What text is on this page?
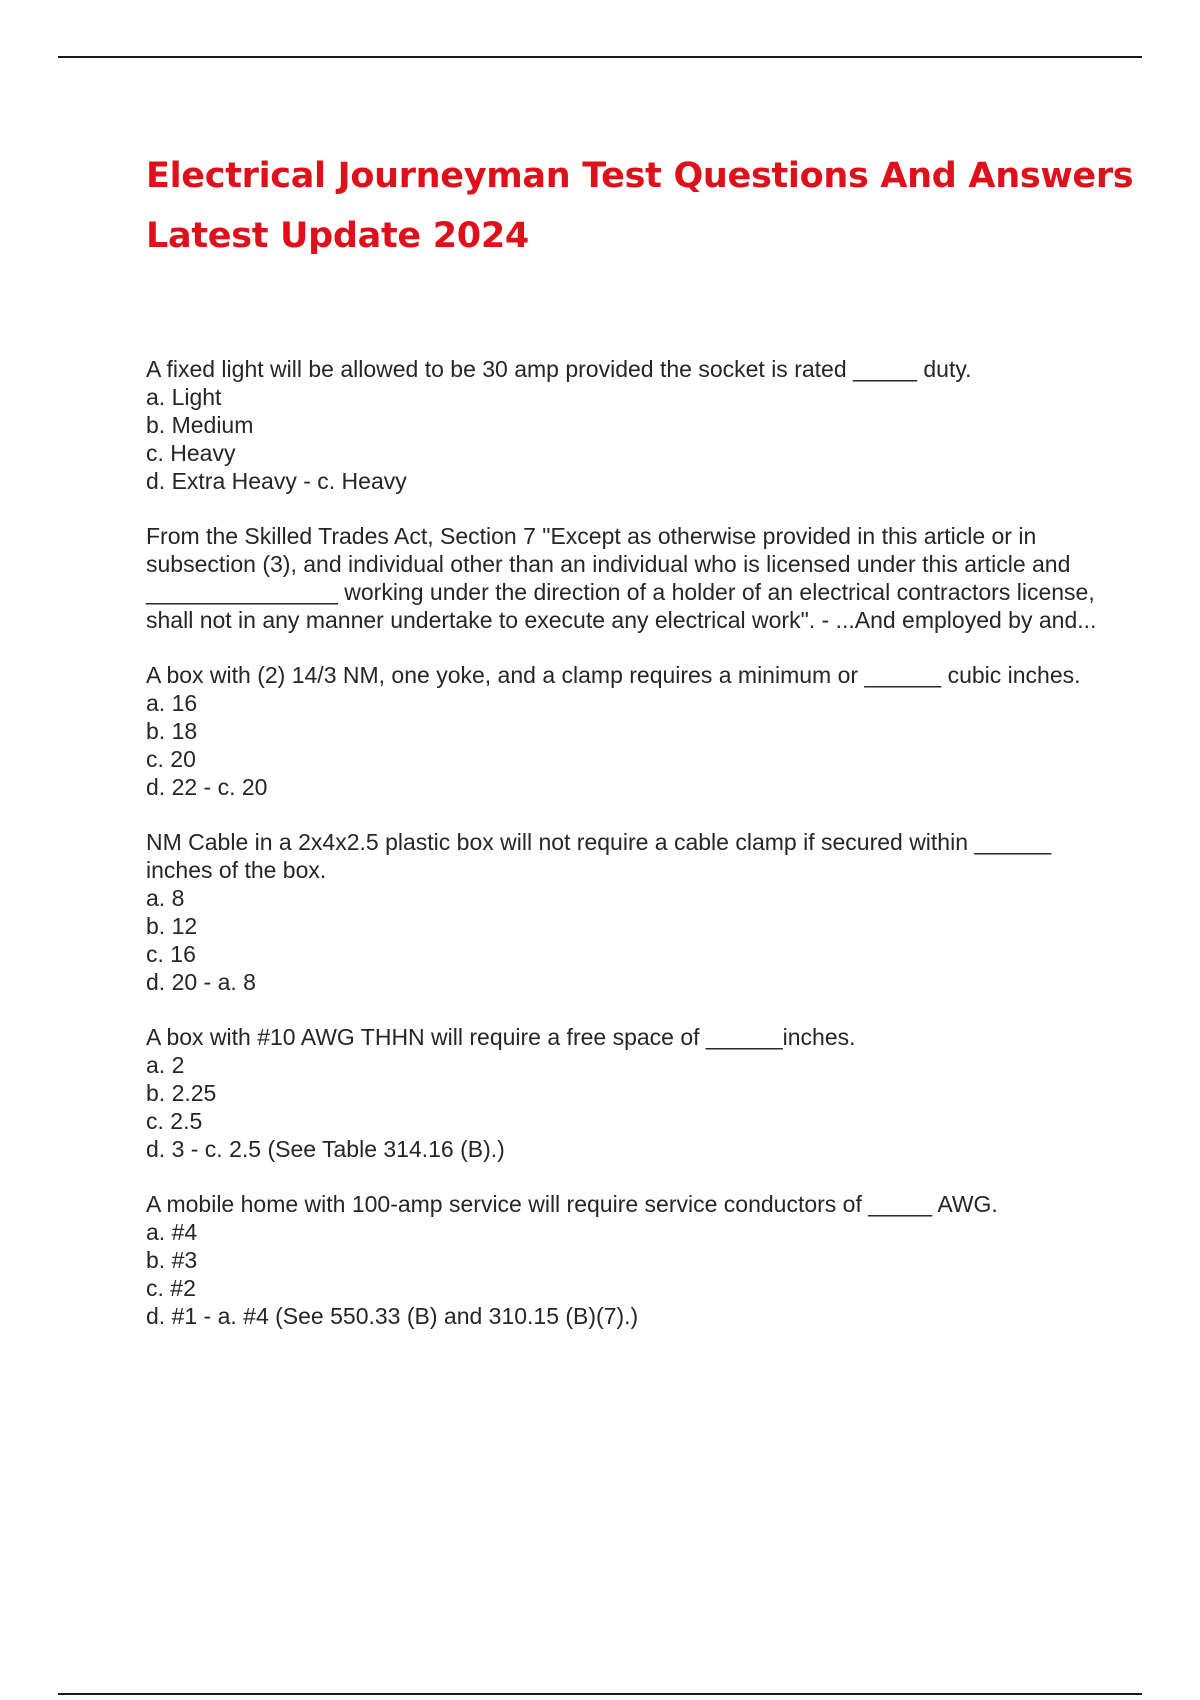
Electrical Journeyman Test Questions And Answers
Latest Update 2024

A fixed light will be allowed to be 30 amp provided the socket is rated _____ duty.

a. Light
b. Medium
c. Heavy
d. Extra Heavy - c. Heavy

From the Skilled Trades Act, Section 7 "Except as otherwise provided in this article or in subsection (3), and individual other than an individual who is licensed under this article and _______________ working under the direction of a holder of an electrical contractors license, shall not in any manner undertake to execute any electrical work". - ...And employed by and...

A box with (2) 14/3 NM, one yoke, and a clamp requires a minimum or ______ cubic inches.

a. 16
b. 18
c. 20
d. 22 - c. 20

NM Cable in a 2x4x2.5 plastic box will not require a cable clamp if secured within ______ inches of the box.

a. 8
b. 12
c. 16
d. 20 - a. 8

A box with #10 AWG THHN will require a free space of ______inches.

a. 2
b. 2.25
c. 2.5
d. 3 - c. 2.5 (See Table 314.16 (B).)

A mobile home with 100-amp service will require service conductors of _____ AWG.

a. #4
b. #3
c. #2
d. #1 - a. #4 (See 550.33 (B) and 310.15 (B)(7).)
